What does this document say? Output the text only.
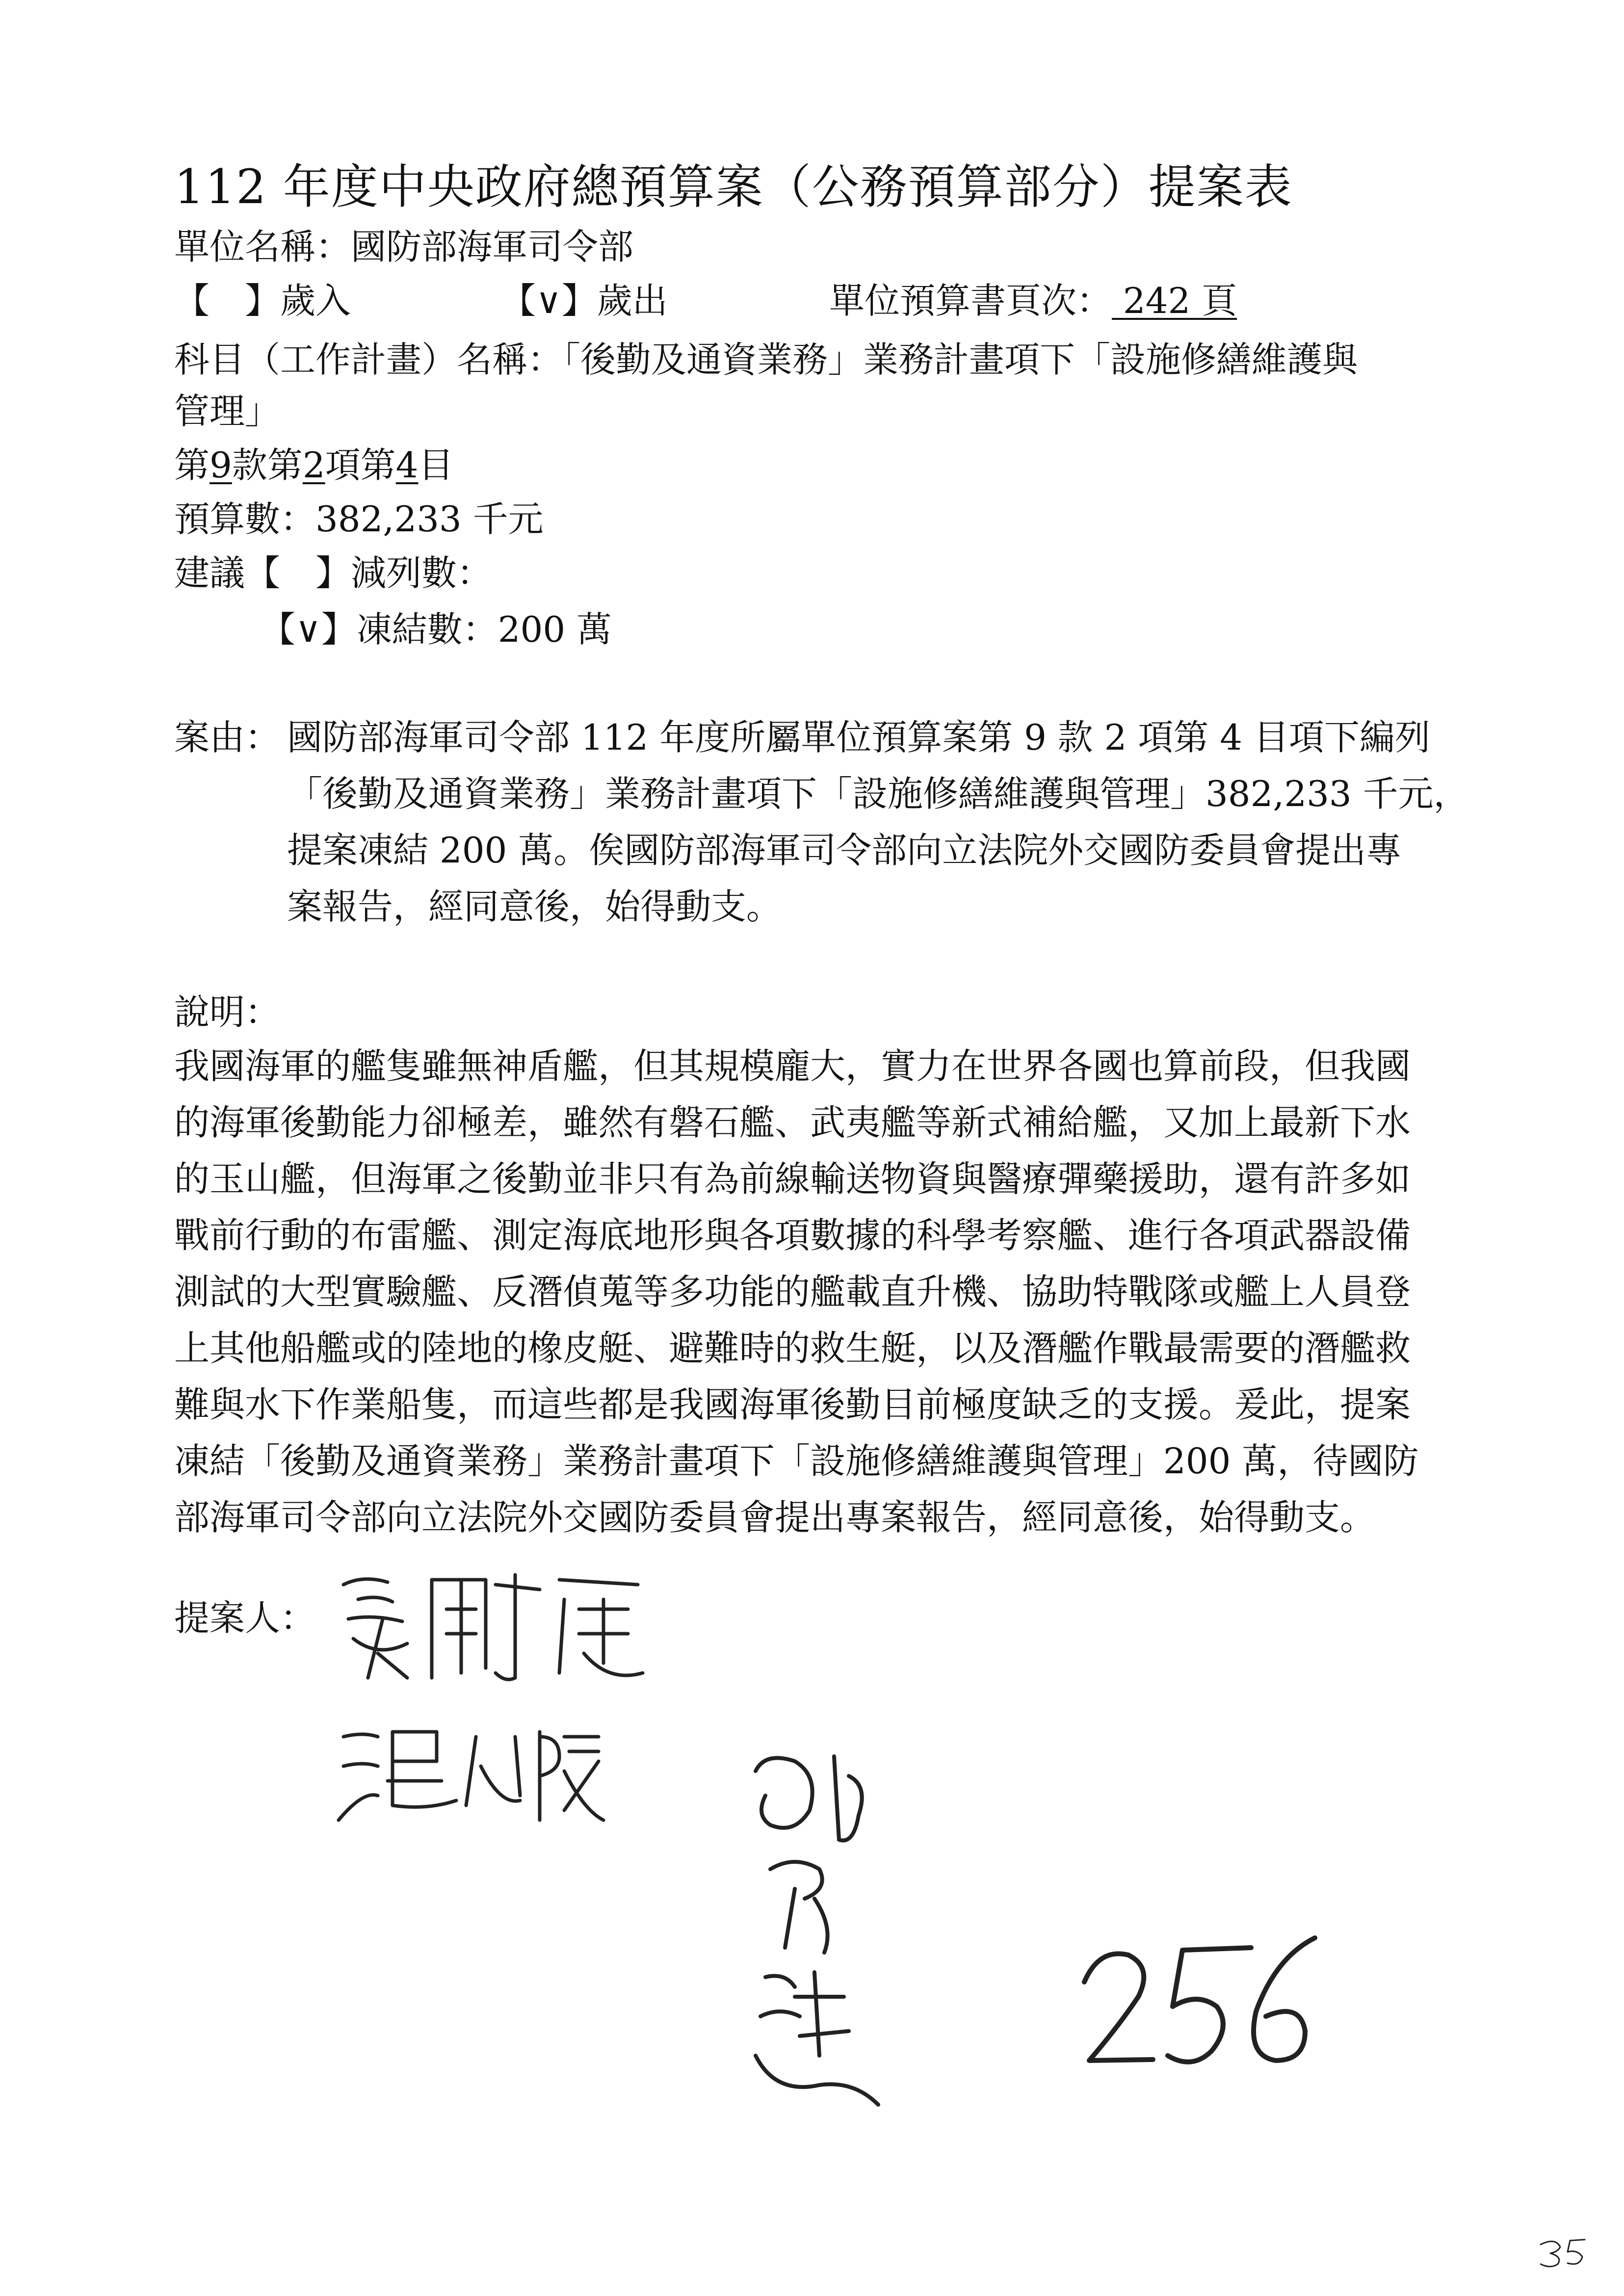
112 年度中央政府總預算案（公務預算部分）提案表
單位名稱：國防部海軍司令部
【　】歲入	【∨】歲出	單位預算書頁次： 242 頁
科目（工作計畫）名稱：「後勤及通資業務」業務計畫項下「設施修繕維護與
管理」
第9款第2項第4目
預算數：382,233 千元
建議【　】減列數：
【∨】凍結數：200 萬
案由： 國防部海軍司令部 112 年度所屬單位預算案第 9 款 2 項第 4 目項下編列
「後勤及通資業務」業務計畫項下「設施修繕維護與管理」382,233 千元，
提案凍結 200 萬。俟國防部海軍司令部向立法院外交國防委員會提出專
案報告，經同意後，始得動支。
說明：
我國海軍的艦隻雖無神盾艦，但其規模龐大，實力在世界各國也算前段，但我國
的海軍後勤能力卻極差，雖然有磐石艦、武夷艦等新式補給艦，又加上最新下水
的玉山艦，但海軍之後勤並非只有為前線輸送物資與醫療彈藥援助，還有許多如
戰前行動的布雷艦、測定海底地形與各項數據的科學考察艦、進行各項武器設備
測試的大型實驗艦、反潛偵蒐等多功能的艦載直升機、協助特戰隊或艦上人員登
上其他船艦或的陸地的橡皮艇、避難時的救生艇，以及潛艦作戰最需要的潛艦救
難與水下作業船隻，而這些都是我國海軍後勤目前極度缺乏的支援。爰此，提案
凍結「後勤及通資業務」業務計畫項下「設施修繕維護與管理」200 萬，待國防
部海軍司令部向立法院外交國防委員會提出專案報告，經同意後，始得動支。
提案人：
